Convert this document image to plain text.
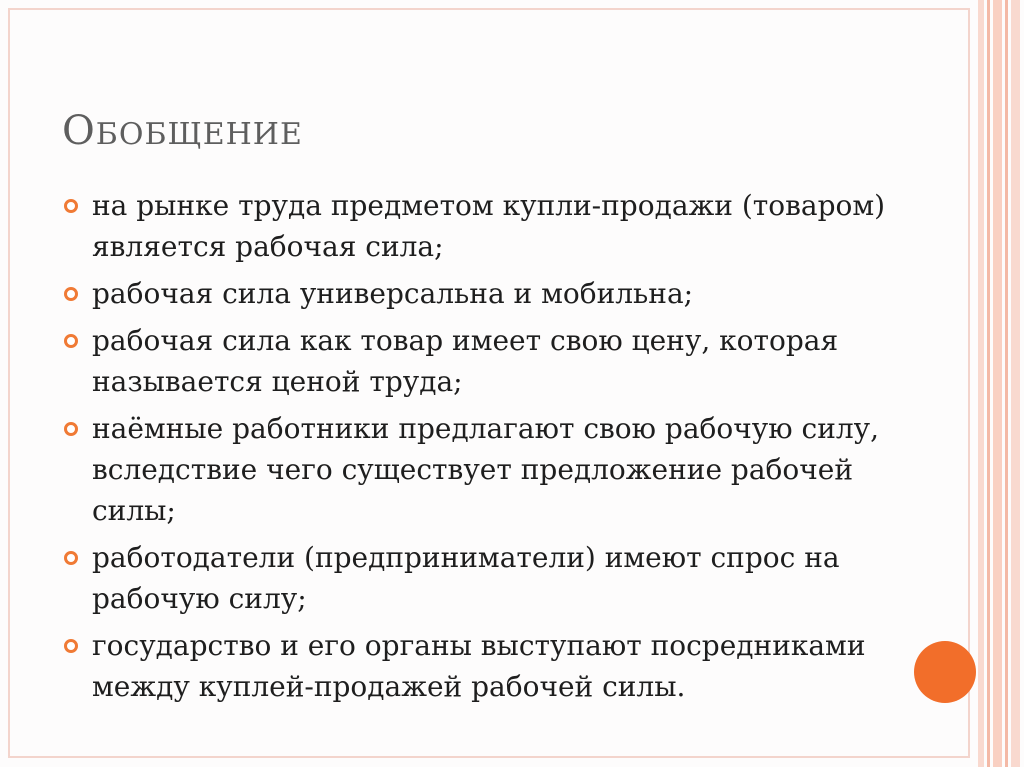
ОБОБЩЕНИЕ
на рынке труда предметом купли-продажи (товаром) является рабочая сила;
рабочая сила универсальна и мобильна;
рабочая сила как товар имеет свою цену, которая называется ценой труда;
наёмные работники предлагают свою рабочую силу, вследствие чего существует предложение рабочей силы;
работодатели (предприниматели) имеют спрос на рабочую силу;
государство и его органы выступают посредниками между куплей-продажей рабочей силы.
